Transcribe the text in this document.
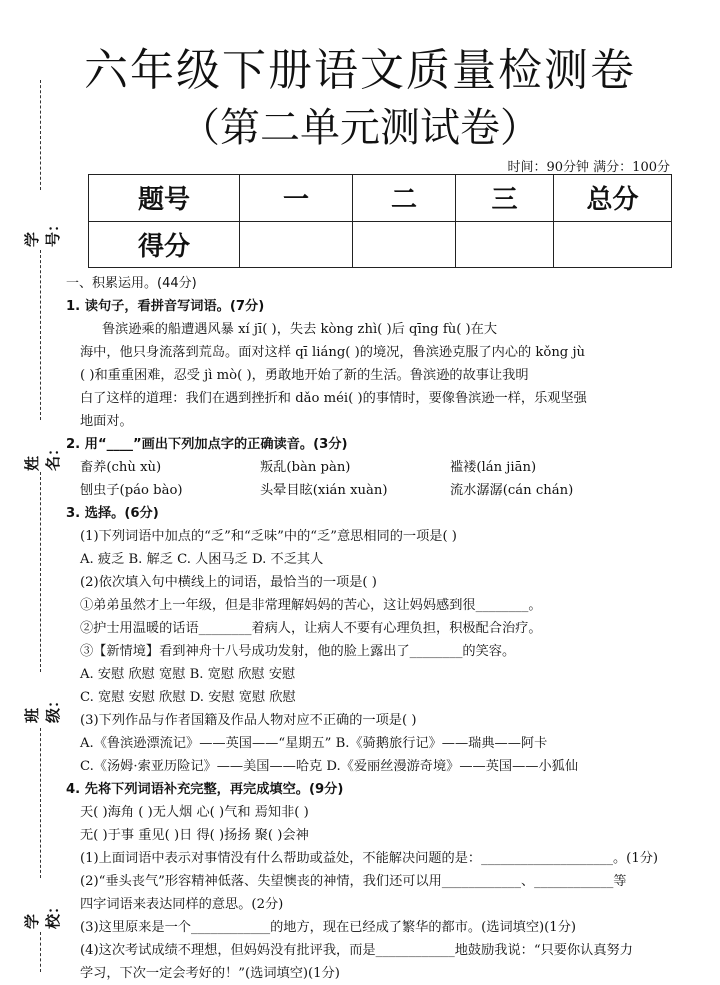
六年级下册语文质量检测卷
（第二单元测试卷）
时间：90分钟 满分：100分
题号	一	二	三	总分
得分				
学号：
姓名：
班级：
学校：
一、积累运用。(44分)
1. 读句子，看拼音写词语。(7分)
鲁滨逊乘的船遭遇风暴 xí jī( )，失去 kòng zhì( )后 qīng fù( )在大
海中，他只身流落到荒岛。面对这样 qī liáng( )的境况，鲁滨逊克服了内心的 kǒng jù
( )和重重困难，忍受 jì mò( )，勇敢地开始了新的生活。鲁滨逊的故事让我明
白了这样的道理：我们在遇到挫折和 dǎo méi( )的事情时，要像鲁滨逊一样，乐观坚强
地面对。
2. 用“____”画出下列加点字的正确读音。(3分)
畜养(chù xù)	叛乱(bàn pàn)	褴褛(lán jiān)
刨虫子(páo bào)	头晕目眩(xián xuàn)	流水潺潺(cán chán)
3. 选择。(6分)
(1)下列词语中加点的“乏”和“乏味”中的“乏”意思相同的一项是( )
A. 疲乏 B. 解乏 C. 人困马乏 D. 不乏其人
(2)依次填入句中横线上的词语，最恰当的一项是( )
①弟弟虽然才上一年级，但是非常理解妈妈的苦心，这让妈妈感到很________。
②护士用温暖的话语________着病人，让病人不要有心理负担，积极配合治疗。
③【新情境】看到神舟十八号成功发射，他的脸上露出了________的笑容。
A. 安慰 欣慰 宽慰 B. 宽慰 欣慰 安慰
C. 宽慰 安慰 欣慰 D. 安慰 宽慰 欣慰
(3)下列作品与作者国籍及作品人物对应不正确的一项是( )
A.《鲁滨逊漂流记》——英国——“星期五” B.《骑鹅旅行记》——瑞典——阿卡
C.《汤姆·索亚历险记》——美国——哈克 D.《爱丽丝漫游奇境》——英国——小狐仙
4. 先将下列词语补充完整，再完成填空。(9分)
天( )海角 ( )无人烟 心( )气和 焉知非( )
无( )于事 重见( )日 得( )扬扬 聚( )会神
(1)上面词语中表示对事情没有什么帮助或益处，不能解决问题的是：____________________。(1分)
(2)“垂头丧气”形容精神低落、失望懊丧的神情，我们还可以用____________、____________等
四字词语来表达同样的意思。(2分)
(3)这里原来是一个____________的地方，现在已经成了繁华的都市。(选词填空)(1分)
(4)这次考试成绩不理想，但妈妈没有批评我，而是____________地鼓励我说：“只要你认真努力
学习，下次一定会考好的！”(选词填空)(1分)
